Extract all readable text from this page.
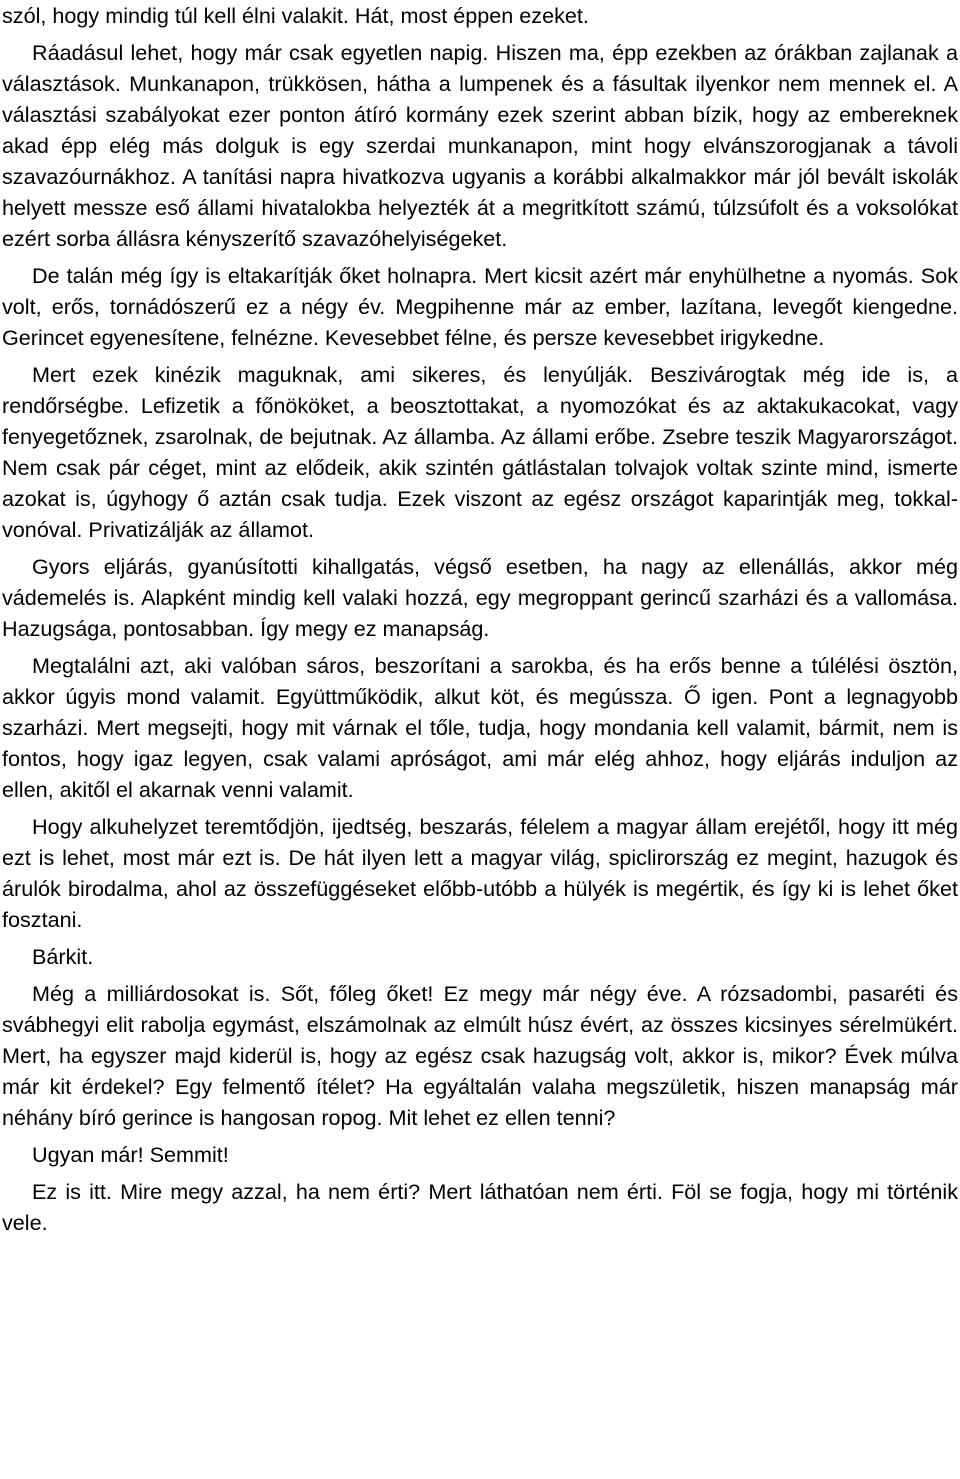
szól, hogy mindig túl kell élni valakit. Hát, most éppen ezeket.

Ráadásul lehet, hogy már csak egyetlen napig. Hiszen ma, épp ezekben az órákban zajlanak a választások. Munkanapon, trükkösen, hátha a lumpenek és a fásultak ilyenkor nem mennek el. A választási szabályokat ezer ponton átíró kormány ezek szerint abban bízik, hogy az embereknek akad épp elég más dolguk is egy szerdai munkanapon, mint hogy elvánszorogjanak a távoli szavazóurnákhoz. A tanítási napra hivatkozva ugyanis a korábbi alkalmakkor már jól bevált iskolák helyett messze eső állami hivatalokba helyezték át a megritkított számú, túlzsúfolt és a voksolókat ezért sorba állásra kényszerítő szavazóhelyiségeket.

De talán még így is eltakarítják őket holnapra. Mert kicsit azért már enyhülhetne a nyomás. Sok volt, erős, tornádószerű ez a négy év. Megpihenne már az ember, lazítana, levegőt kiengedne. Gerincet egyenesítene, felnézne. Kevesebbet félne, és persze kevesebbet irigykedne.

Mert ezek kinézik maguknak, ami sikeres, és lenyúlják. Beszivárogtak még ide is, a rendőrségbe. Lefizetik a főnököket, a beosztottakat, a nyomozókat és az aktakukacokat, vagy fenyegetőznek, zsarolnak, de bejutnak. Az államba. Az állami erőbe. Zsebre teszik Magyarországot. Nem csak pár céget, mint az elődeik, akik szintén gátlástalan tolvajok voltak szinte mind, ismerte azokat is, úgyhogy ő aztán csak tudja. Ezek viszont az egész országot kaparintják meg, tokkal-vonóval. Privatizálják az államot.

Gyors eljárás, gyanúsítotti kihallgatás, végső esetben, ha nagy az ellenállás, akkor még vádemelés is. Alapként mindig kell valaki hozzá, egy megroppant gerincű szarházi és a vallomása. Hazugsága, pontosabban. Így megy ez manapság.

Megtalálni azt, aki valóban sáros, beszorítani a sarokba, és ha erős benne a túlélési ösztön, akkor úgyis mond valamit. Együttműködik, alkut köt, és megússza. Ő igen. Pont a legnagyobb szarházi. Mert megsejti, hogy mit várnak el tőle, tudja, hogy mondania kell valamit, bármit, nem is fontos, hogy igaz legyen, csak valami apróságot, ami már elég ahhoz, hogy eljárás induljon az ellen, akitől el akarnak venni valamit.

Hogy alkuhelyzet teremtődjön, ijedtség, beszarás, félelem a magyar állam erejétől, hogy itt még ezt is lehet, most már ezt is. De hát ilyen lett a magyar világ, spiclirország ez megint, hazugok és árulók birodalma, ahol az összefüggéseket előbb-utóbb a hülyék is megértik, és így ki is lehet őket fosztani.

Bárkit.

Még a milliárdosokat is. Sőt, főleg őket! Ez megy már négy éve. A rózsadombi, pasaréti és svábhegyi elit rabolja egymást, elszámolnak az elmúlt húsz évért, az összes kicsinyes sérelmükért. Mert, ha egyszer majd kiderül is, hogy az egész csak hazugság volt, akkor is, mikor? Évek múlva már kit érdekel? Egy felmentő ítélet? Ha egyáltalán valaha megszületik, hiszen manapság már néhány bíró gerince is hangosan ropog. Mit lehet ez ellen tenni?

Ugyan már! Semmit!

Ez is itt. Mire megy azzal, ha nem érti? Mert láthatóan nem érti. Föl se fogja, hogy mi történik vele.
